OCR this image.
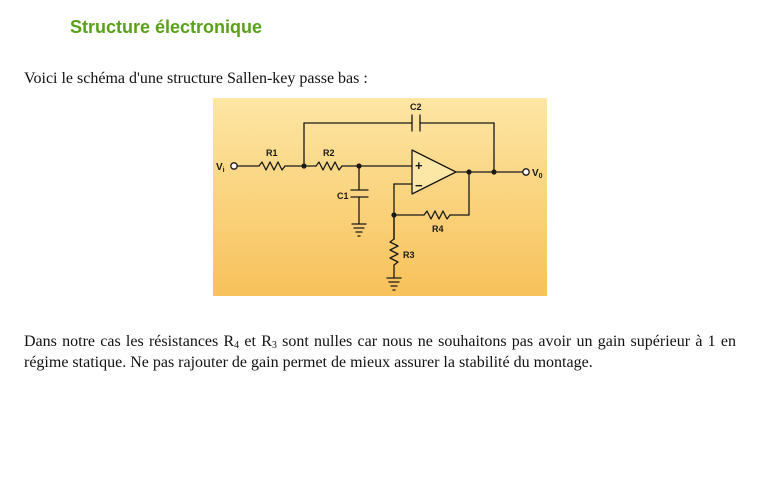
Structure électronique

Voici le schéma d'une structure Sallen-key passe bas :

C2
R1	R2
C1
R3
R4
+
−
$V_i$	$V_0$

Dans notre cas les résistances $R_4$ et $R_3$ sont nulles car nous ne souhaitons pas avoir un gain supérieur à 1 en régime statique. Ne pas rajouter de gain permet de mieux assurer la stabilité du montage.
